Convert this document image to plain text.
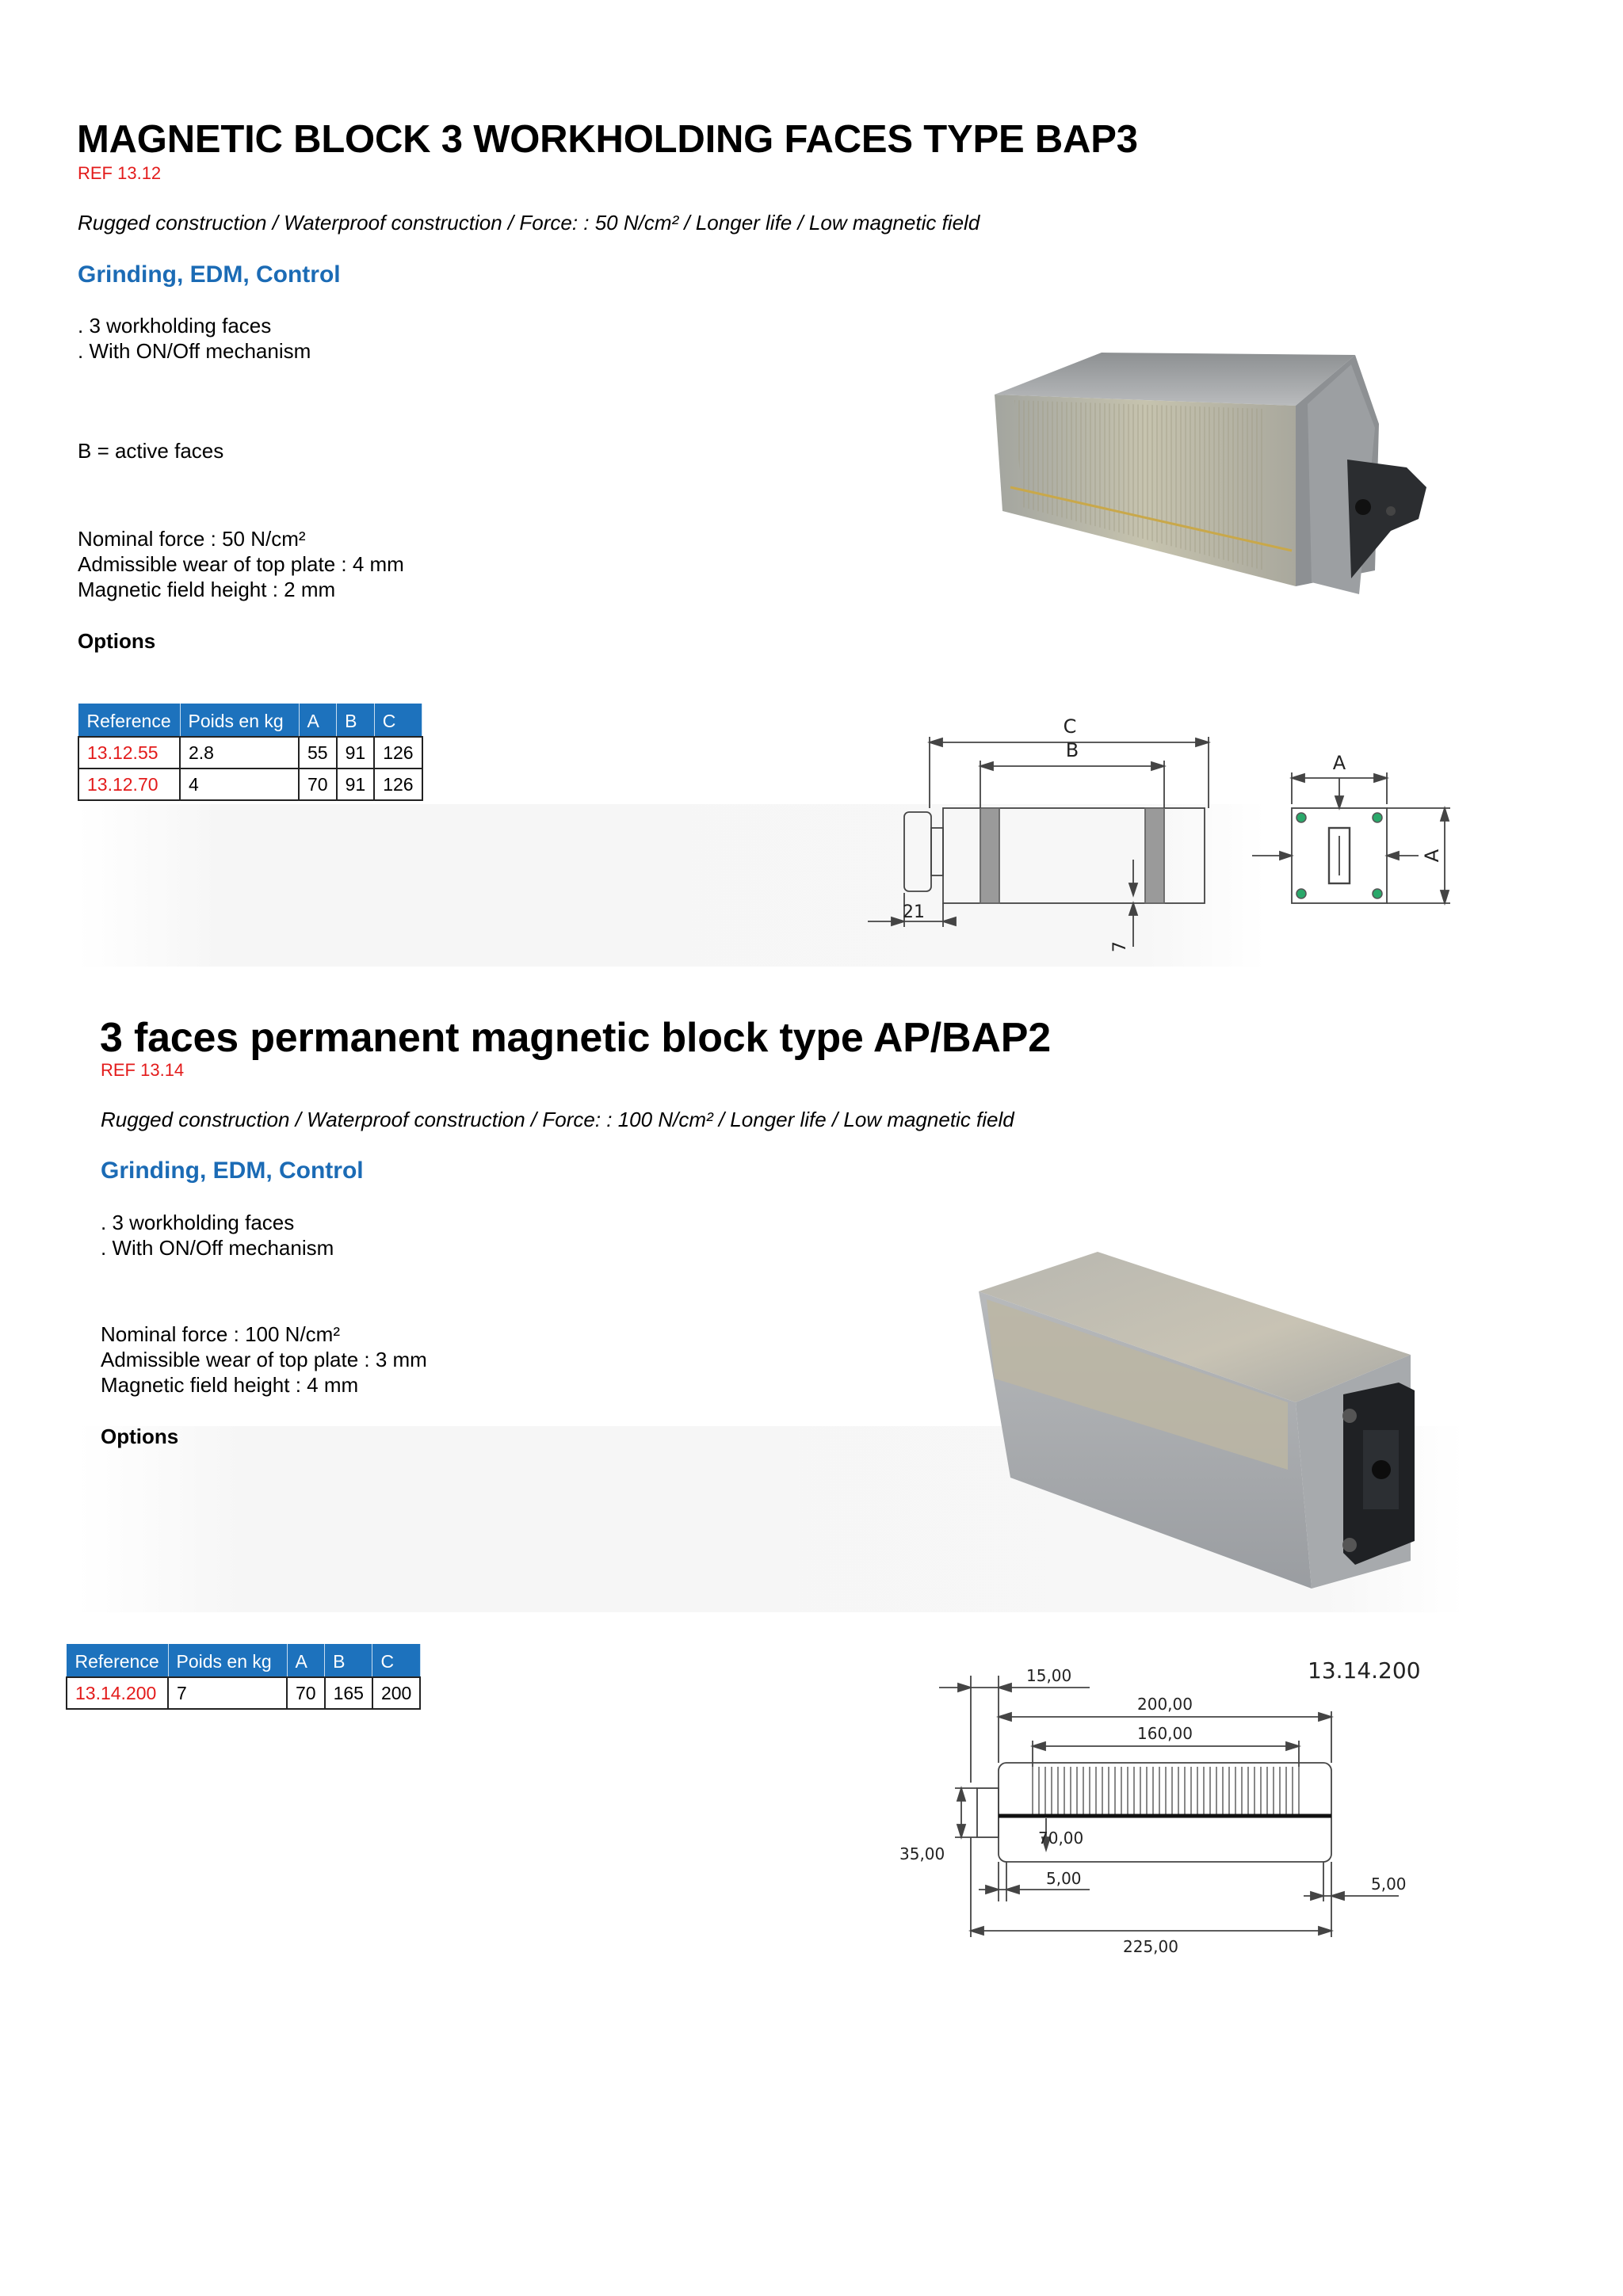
MAGNETIC BLOCK 3 WORKHOLDING FACES TYPE BAP3
REF 13.12
Rugged construction / Waterproof construction / Force: : 50 N/cm² / Longer life / Low magnetic field
Grinding, EDM, Control
. 3 workholding faces
. With ON/Off mechanism
B = active faces
Nominal force : 50 N/cm²
Admissible wear of top plate : 4 mm
Magnetic field height : 2 mm
Options
Reference	Poids en kg	A	B	C
13.12.55	2.8	55	91	126
13.12.70	4	70	91	126
C
B
A
A
21
7
3 faces permanent magnetic block type AP/BAP2
REF 13.14
Rugged construction / Waterproof construction / Force: : 100 N/cm² / Longer life / Low magnetic field
Grinding, EDM, Control
. 3 workholding faces
. With ON/Off mechanism
Nominal force : 100 N/cm²
Admissible wear of top plate : 3 mm
Magnetic field height : 4 mm
Options
Reference	Poids en kg	A	B	C
13.14.200	7	70	165	200
13.14.200
15,00
200,00
160,00
70,00
35,00
5,00	5,00
225,00
